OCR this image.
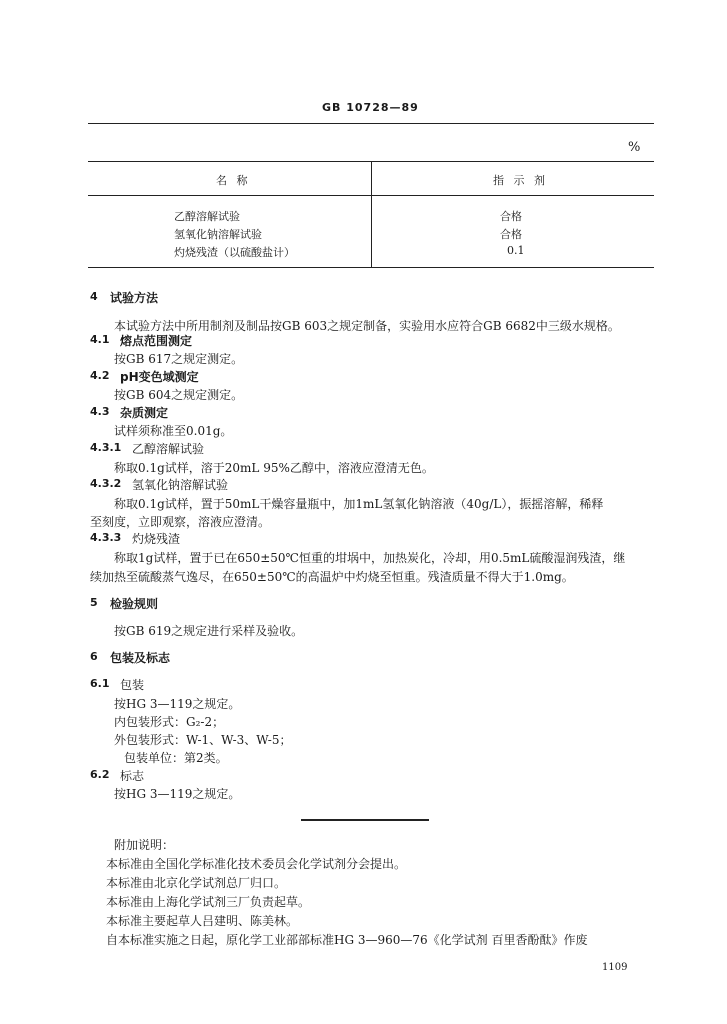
GB 10728—89
%
名 称	指 示 剂
乙醇溶解试验	合格
氢氧化钠溶解试验	合格
灼烧残渣（以硫酸盐计）	0.1
4 试验方法
本试验方法中所用制剂及制品按GB 603之规定制备，实验用水应符合GB 6682中三级水规格。
4.1 熔点范围测定
按GB 617之规定测定。
4.2 pH变色域测定
按GB 604之规定测定。
4.3 杂质测定
试样须称准至0.01g。
4.3.1 乙醇溶解试验
称取0.1g试样，溶于20mL 95%乙醇中，溶液应澄清无色。
4.3.2 氢氧化钠溶解试验
称取0.1g试样，置于50mL干燥容量瓶中，加1mL氢氧化钠溶液（40g/L），振摇溶解，稀释
至刻度，立即观察，溶液应澄清。
4.3.3 灼烧残渣
称取1g试样，置于已在650±50℃恒重的坩埚中，加热炭化，冷却，用0.5mL硫酸湿润残渣，继
续加热至硫酸蒸气逸尽，在650±50℃的高温炉中灼烧至恒重。残渣质量不得大于1.0mg。
5 检验规则
按GB 619之规定进行采样及验收。
6 包装及标志
6.1 包装
按HG 3—119之规定。
内包装形式：G₂-2；
外包装形式：W-1、W-3、W-5；
包装单位：第2类。
6.2 标志
按HG 3—119之规定。
附加说明：
本标准由全国化学标准化技术委员会化学试剂分会提出。
本标准由北京化学试剂总厂归口。
本标准由上海化学试剂三厂负责起草。
本标准主要起草人吕建明、陈美林。
自本标准实施之日起，原化学工业部部标准HG 3—960—76《化学试剂 百里香酚酞》作废
1109
